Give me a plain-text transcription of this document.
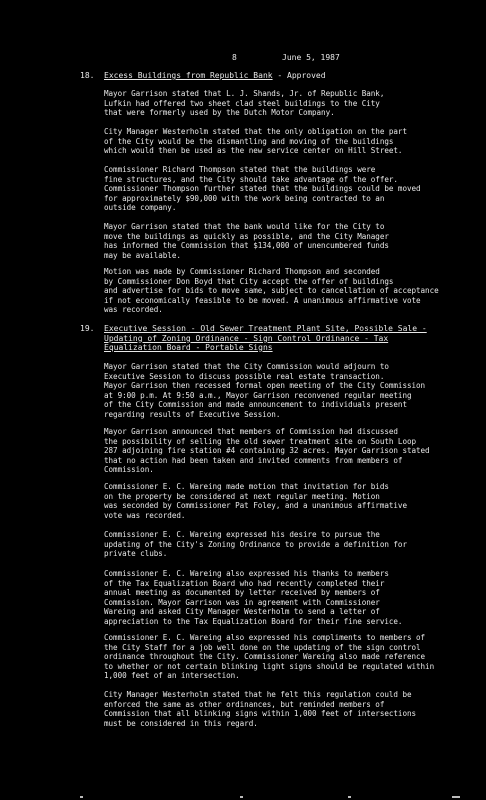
8	June 5, 1987
18. Excess Buildings from Republic Bank - Approved
Mayor Garrison stated that L. J. Shands, Jr. of Republic Bank,
Lufkin had offered two sheet clad steel buildings to the City
that were formerly used by the Dutch Motor Company.
City Manager Westerholm stated that the only obligation on the part
of the City would be the dismantling and moving of the buildings
which would then be used as the new service center on Hill Street.
Commissioner Richard Thompson stated that the buildings were
fine structures, and the City should take advantage of the offer.
Commissioner Thompson further stated that the buildings could be moved
for approximately $90,000 with the work being contracted to an
outside company.
Mayor Garrison stated that the bank would like for the City to
move the buildings as quickly as possible, and the City Manager
has informed the Commission that $134,000 of unencumbered funds
may be available.
Motion was made by Commissioner Richard Thompson and seconded
by Commissioner Don Boyd that City accept the offer of buildings
and advertise for bids to move same, subject to cancellation of acceptance
if not economically feasible to be moved. A unanimous affirmative vote
was recorded.
19. Executive Session - Old Sewer Treatment Plant Site, Possible Sale -
Updating of Zoning Ordinance - Sign Control Ordinance - Tax
Equalization Board - Portable Signs
Mayor Garrison stated that the City Commission would adjourn to
Executive Session to discuss possible real estate transaction.
Mayor Garrison then recessed formal open meeting of the City Commission
at 9:00 p.m. At 9:50 a.m., Mayor Garrison reconvened regular meeting
of the City Commission and made announcement to individuals present
regarding results of Executive Session.
Mayor Garrison announced that members of Commission had discussed
the possibility of selling the old sewer treatment site on South Loop
287 adjoining fire station #4 containing 32 acres. Mayor Garrison stated
that no action had been taken and invited comments from members of
Commission.
Commissioner E. C. Wareing made motion that invitation for bids
on the property be considered at next regular meeting. Motion
was seconded by Commissioner Pat Foley, and a unanimous affirmative
vote was recorded.
Commissioner E. C. Wareing expressed his desire to pursue the
updating of the City's Zoning Ordinance to provide a definition for
private clubs.
Commissioner E. C. Wareing also expressed his thanks to members
of the Tax Equalization Board who had recently completed their
annual meeting as documented by letter received by members of
Commission. Mayor Garrison was in agreement with Commissioner
Wareing and asked City Manager Westerholm to send a letter of
appreciation to the Tax Equalization Board for their fine service.
Commissioner E. C. Wareing also expressed his compliments to members of
the City Staff for a job well done on the updating of the sign control
ordinance throughout the City. Commissioner Wareing also made reference
to whether or not certain blinking light signs should be regulated within
1,000 feet of an intersection.
City Manager Westerholm stated that he felt this regulation could be
enforced the same as other ordinances, but reminded members of
Commission that all blinking signs within 1,000 feet of intersections
must be considered in this regard.
